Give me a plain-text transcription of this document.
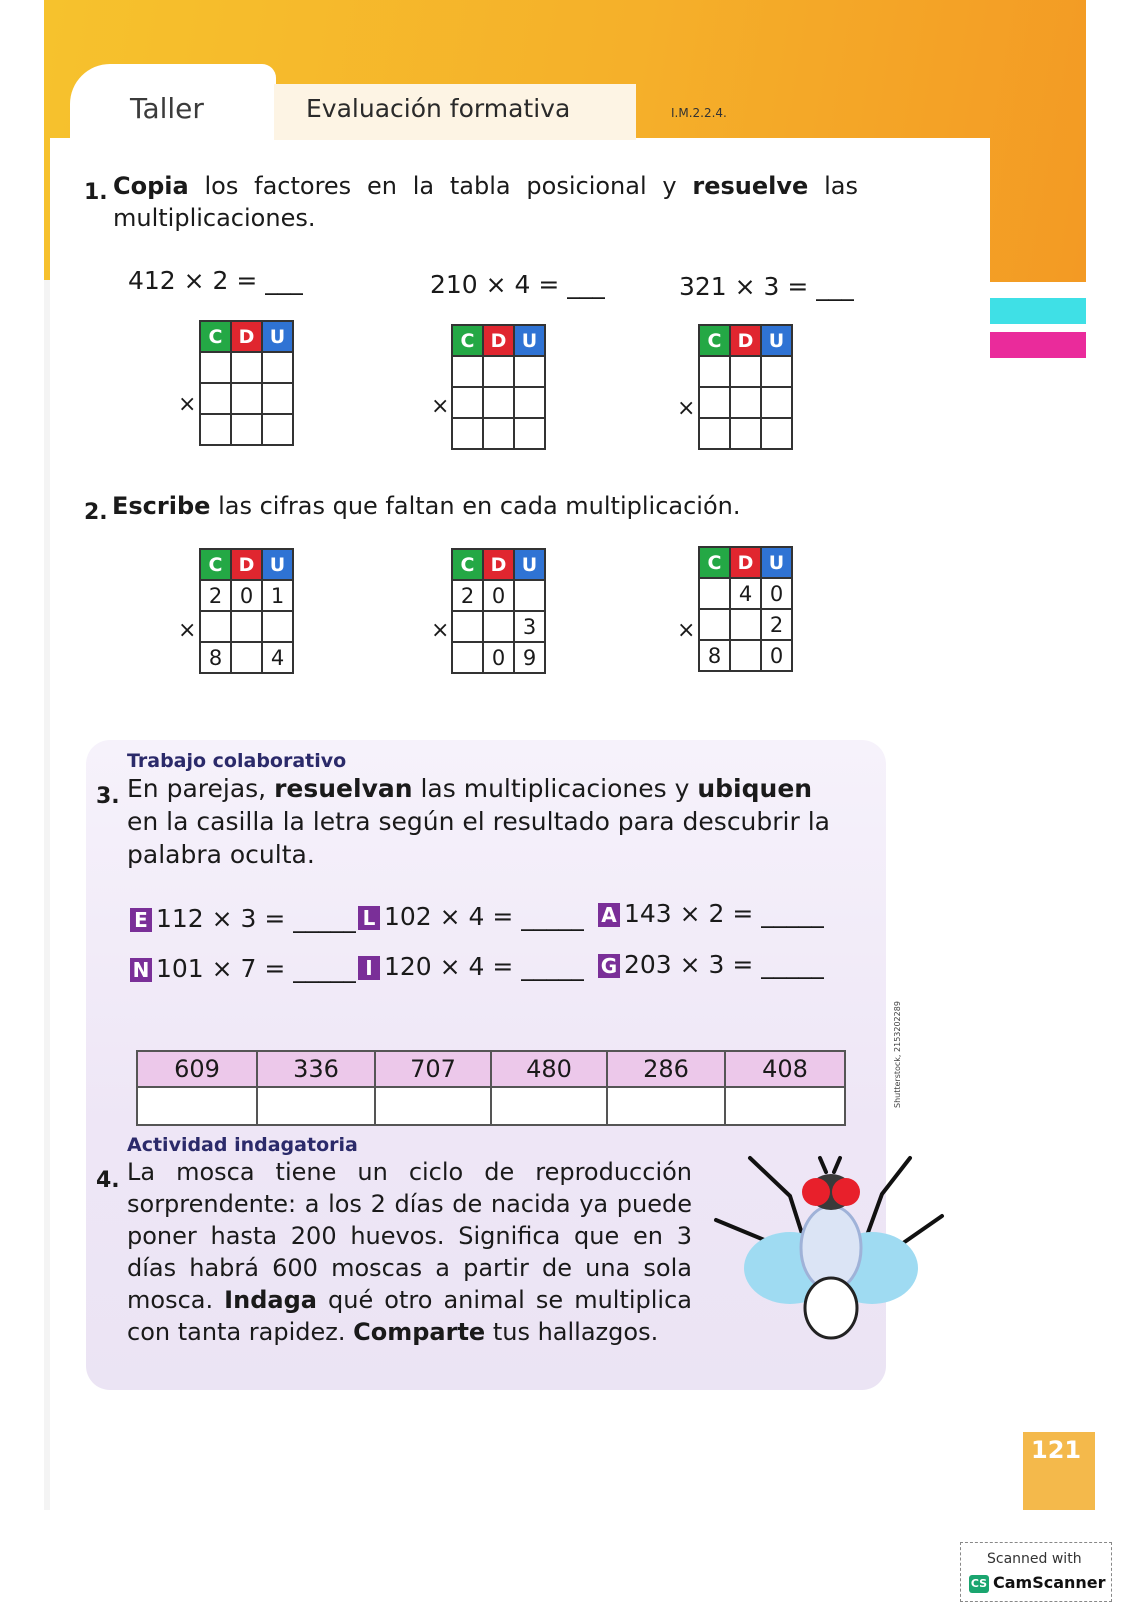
Taller	Evaluación formativa	I.M.2.2.4.
1. Copia los factores en la tabla posicional y resuelve las multiplicaciones.
412 × 2 = ___	210 × 4 = ___	321 × 3 = ___
C	D	U

×
C	D	U

×
C	D	U

×
2. Escribe las cifras que faltan en cada multiplicación.
C	D	U
2	0	1

8		4
×
C	D	U
2	0	
		3
	0	9
×
C	D	U
	4	0
		2
8		0
×
Trabajo colaborativo
3. En parejas, resuelvan las multiplicaciones y ubiquen en la casilla la letra según el resultado para descubrir la palabra oculta.
E 112 × 3 = _____ L 102 × 4 = _____ A 143 × 2 = _____
N 101 × 7 = _____ I 120 × 4 = _____ G 203 × 3 = _____
609	336	707	480	286	408

Actividad indagatoria
4. La mosca tiene un ciclo de reproducción sorprendente: a los 2 días de nacida ya puede poner hasta 200 huevos. Significa que en 3 días habrá 600 moscas a partir de una sola mosca. Indaga qué otro animal se multiplica con tanta rapidez. Comparte tus hallazgos.
Shutterstock, 2153202289
121
Scanned with
CS CamScanner
